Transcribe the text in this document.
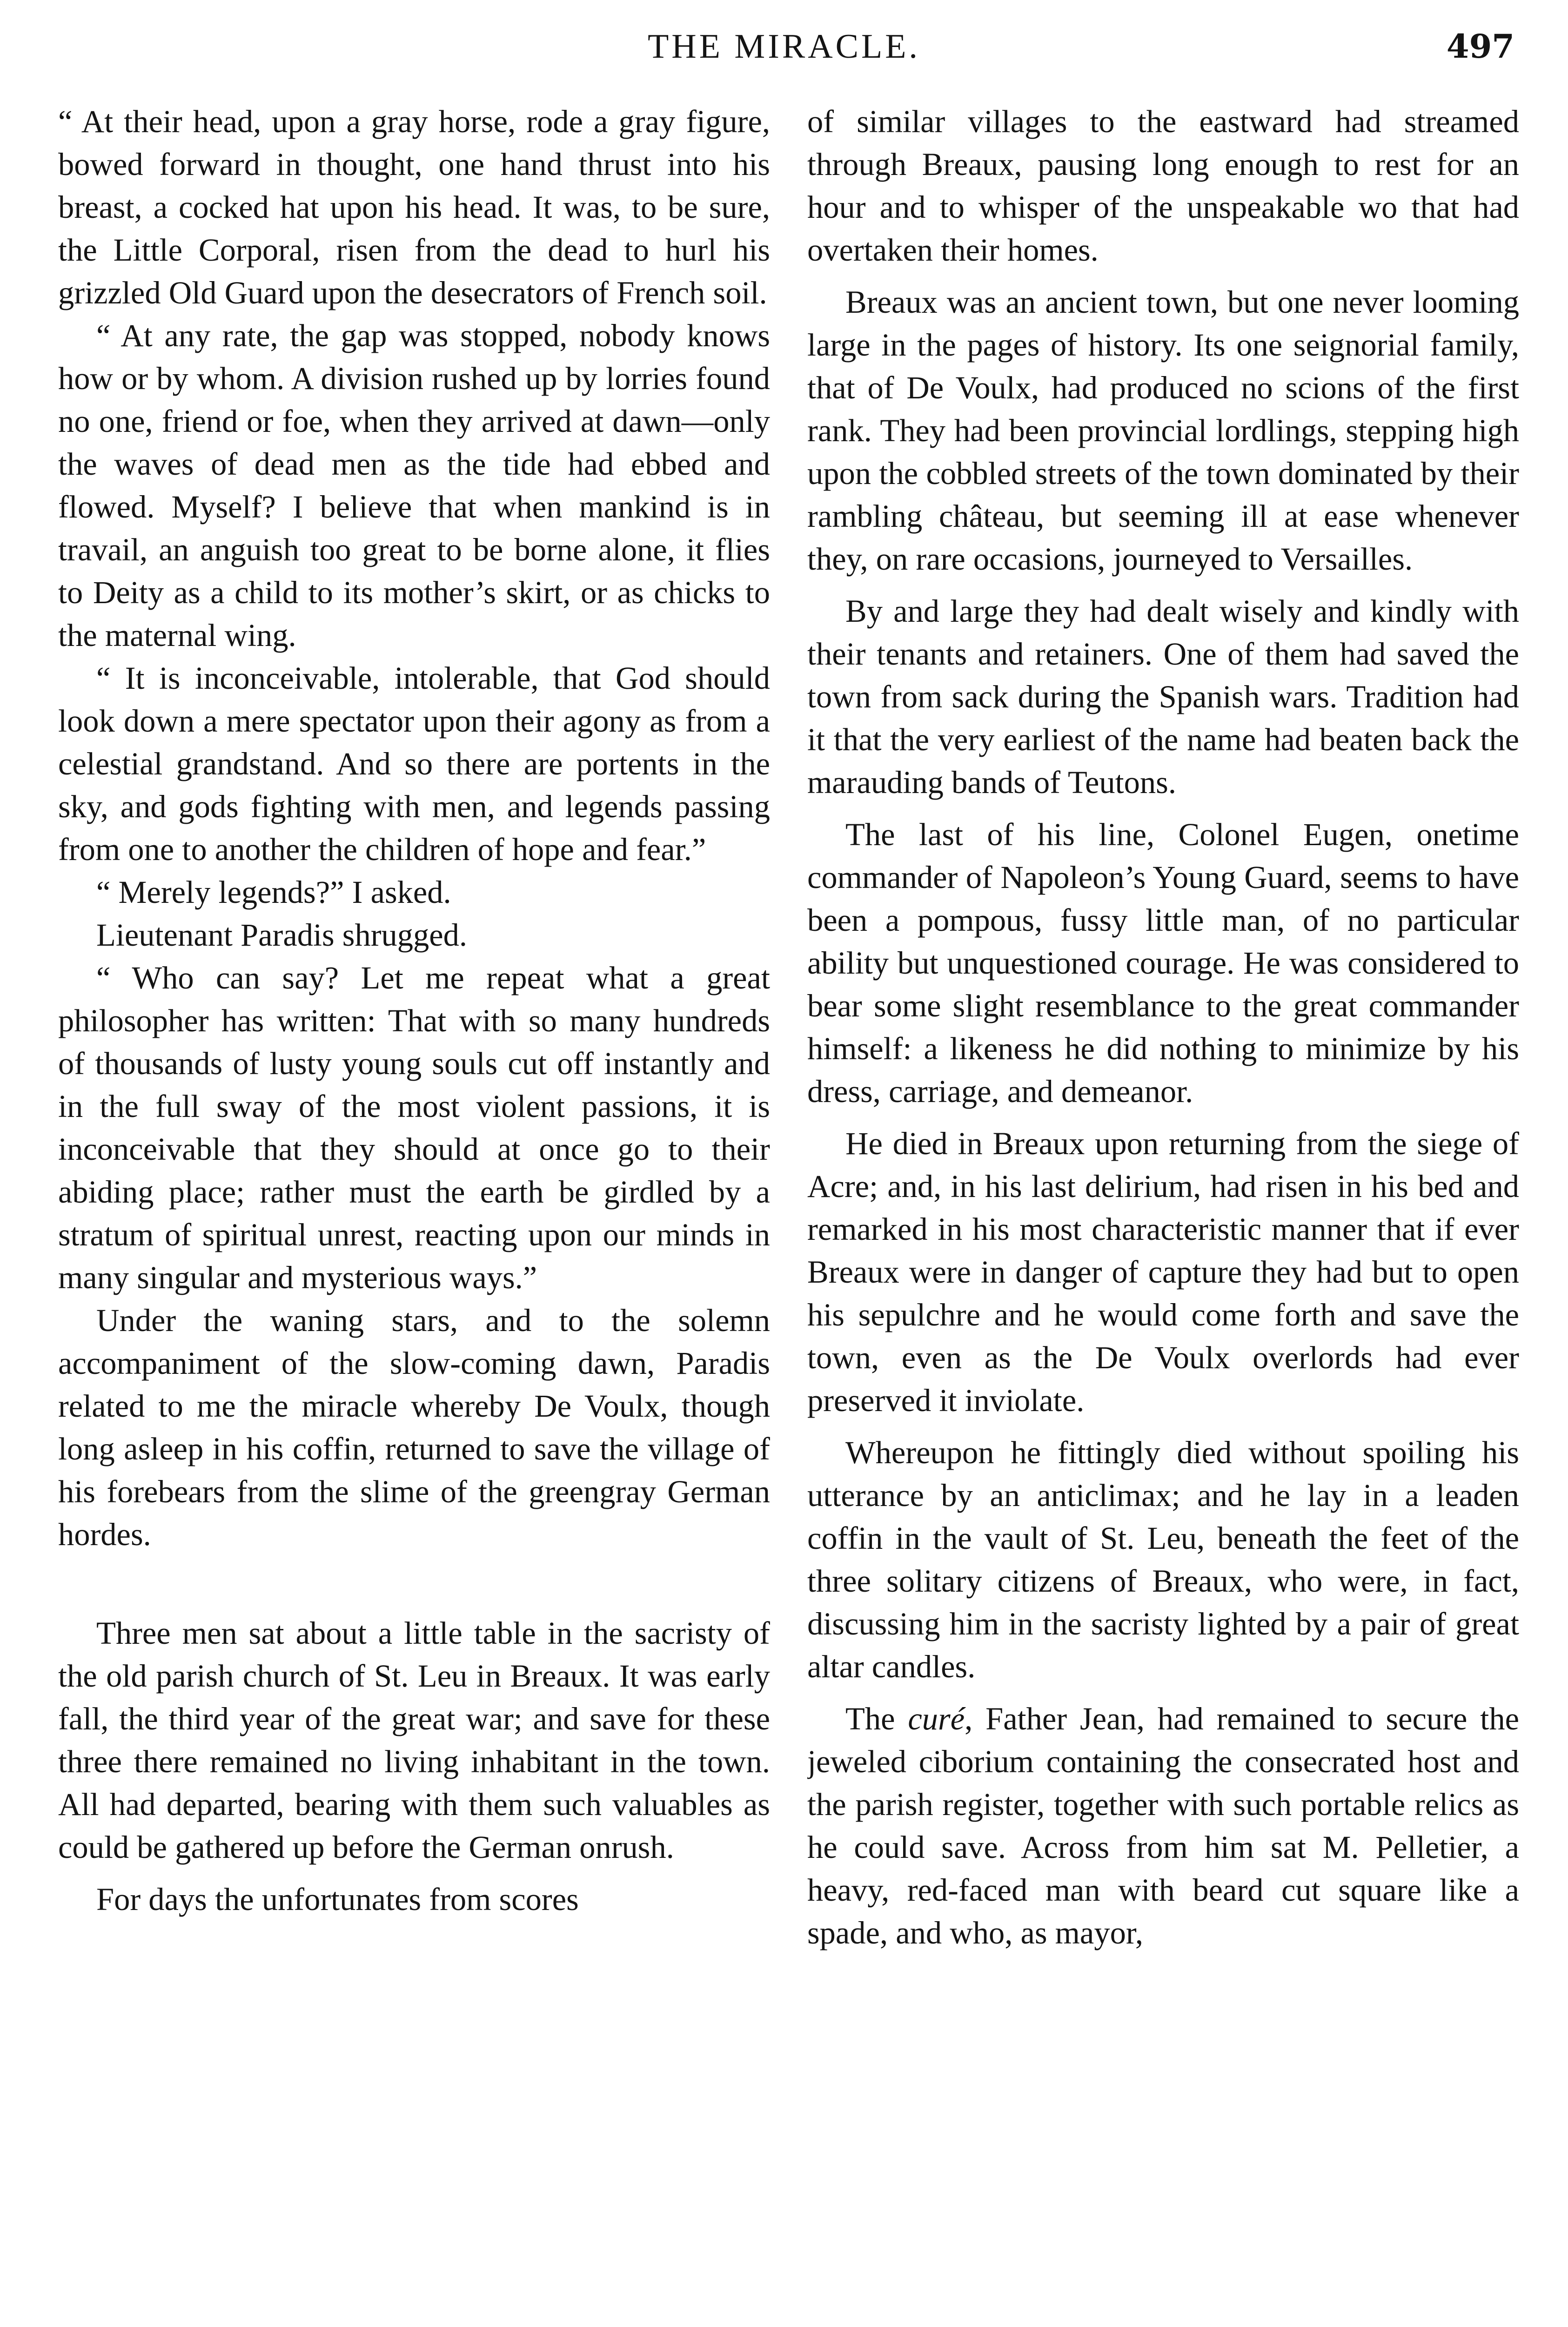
THE MIRACLE.	497

“ At their head, upon a gray horse, rode a gray figure, bowed forward in thought, one hand thrust into his breast, a cocked hat upon his head. It was, to be sure, the Little Corporal, risen from the dead to hurl his grizzled Old Guard upon the desecrators of French soil.

“ At any rate, the gap was stopped, nobody knows how or by whom. A division rushed up by lorries found no one, friend or foe, when they arrived at dawn—only the waves of dead men as the tide had ebbed and flowed. Myself? I believe that when mankind is in travail, an anguish too great to be borne alone, it flies to Deity as a child to its mother’s skirt, or as chicks to the maternal wing.

“ It is inconceivable, intolerable, that God should look down a mere spectator upon their agony as from a celestial grandstand. And so there are portents in the sky, and gods fighting with men, and legends passing from one to another the children of hope and fear.”

“ Merely legends?” I asked.

Lieutenant Paradis shrugged.

“ Who can say? Let me repeat what a great philosopher has written: That with so many hundreds of thousands of lusty young souls cut off instantly and in the full sway of the most violent passions, it is inconceivable that they should at once go to their abiding place; rather must the earth be girdled by a stratum of spiritual unrest, reacting upon our minds in many singular and mysterious ways.”

Under the waning stars, and to the solemn accompaniment of the slow-coming dawn, Paradis related to me the miracle whereby De Voulx, though long asleep in his coffin, returned to save the village of his forebears from the slime of the greengray German hordes.

Three men sat about a little table in the sacristy of the old parish church of St. Leu in Breaux. It was early fall, the third year of the great war; and save for these three there remained no living inhabitant in the town. All had departed, bearing with them such valuables as could be gathered up before the German onrush.

For days the unfortunates from scores

of similar villages to the eastward had streamed through Breaux, pausing long enough to rest for an hour and to whisper of the unspeakable wo that had overtaken their homes.

Breaux was an ancient town, but one never looming large in the pages of history. Its one seignorial family, that of De Voulx, had produced no scions of the first rank. They had been provincial lordlings, stepping high upon the cobbled streets of the town dominated by their rambling château, but seeming ill at ease whenever they, on rare occasions, journeyed to Versailles.

By and large they had dealt wisely and kindly with their tenants and retainers. One of them had saved the town from sack during the Spanish wars. Tradition had it that the very earliest of the name had beaten back the marauding bands of Teutons.

The last of his line, Colonel Eugen, onetime commander of Napoleon’s Young Guard, seems to have been a pompous, fussy little man, of no particular ability but unquestioned courage. He was considered to bear some slight resemblance to the great commander himself: a likeness he did nothing to minimize by his dress, carriage, and demeanor.

He died in Breaux upon returning from the siege of Acre; and, in his last delirium, had risen in his bed and remarked in his most characteristic manner that if ever Breaux were in danger of capture they had but to open his sepulchre and he would come forth and save the town, even as the De Voulx overlords had ever preserved it inviolate.

Whereupon he fittingly died without spoiling his utterance by an anticlimax; and he lay in a leaden coffin in the vault of St. Leu, beneath the feet of the three solitary citizens of Breaux, who were, in fact, discussing him in the sacristy lighted by a pair of great altar candles.

The curé, Father Jean, had remained to secure the jeweled ciborium containing the consecrated host and the parish register, together with such portable relics as he could save. Across from him sat M. Pelletier, a heavy, red-faced man with beard cut square like a spade, and who, as mayor,
